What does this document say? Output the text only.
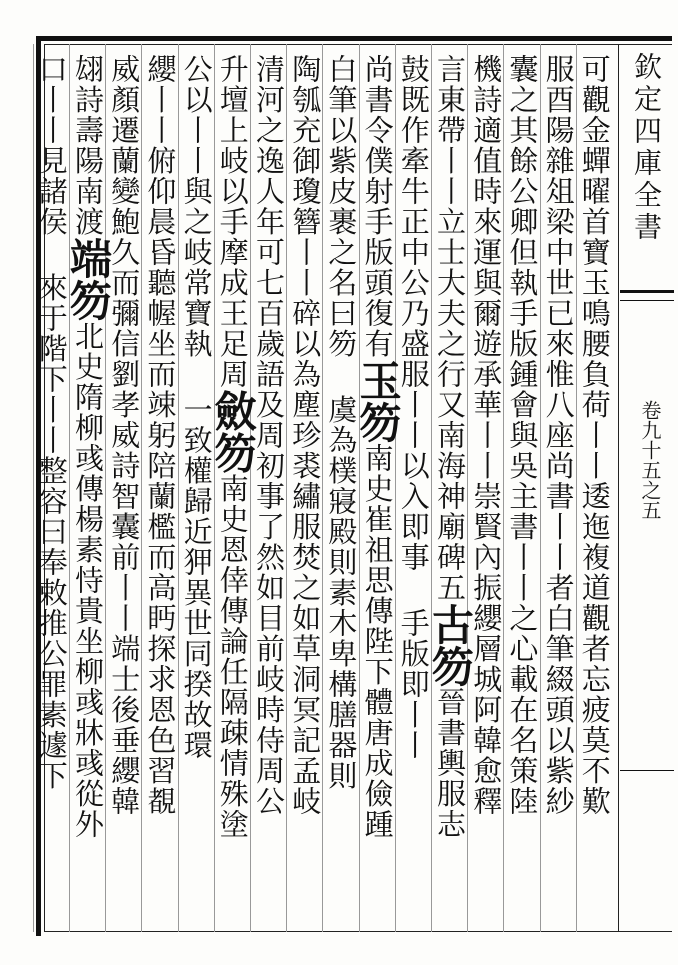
欽定四庫全書
卷九十五之五
可觀金蟬曜首寶玉鳴腰負荷丨丨逶迤複道觀者忘疲莫不歎
服酉陽雜俎梁中世已來惟八座尚書丨丨者白筆綴頭以紫紗
囊之其餘公卿但執手版鍾會與吳主書丨丨之心載在名策陸
機詩適值時來運與爾遊承華丨丨崇賢內振纓層城阿韓愈釋
言東帶丨丨立士大夫之行又南海神廟碑五古笏晉書輿服志
鼓既作牽牛正中公乃盛服丨丨以入即事 手版即丨丨
尚書令僕射手版頭復有玉笏南史崔祖思傳陛下體唐成儉踵
白筆以紫皮裹之名曰笏 虞為樸寢殿則素木卑構膳器則
陶瓠充御瓊簪丨丨碎以為塵珍裘繡服焚之如草洞冥記孟岐
清河之逸人年可七百歲語及周初事了然如目前岐時侍周公
升壇上岐以手摩成王足周斂笏南史恩倖傳論任隔疎情殊塗
公以丨丨與之岐常寶執 一致權歸近狎異世同揆故環
纓丨丨俯仰晨昏聽幄坐而竦躬陪蘭檻而高眄探求恩色習覩
威顏遷蘭變鮑久而彌信劉孝威詩智囊前丨丨端士後垂纓韓
翃詩壽陽南渡端笏北史隋柳彧傳楊素恃貴坐柳彧牀彧從外
口丨丨見諸侯 來于階下丨丨整容曰奉敕推公罪素遽下
